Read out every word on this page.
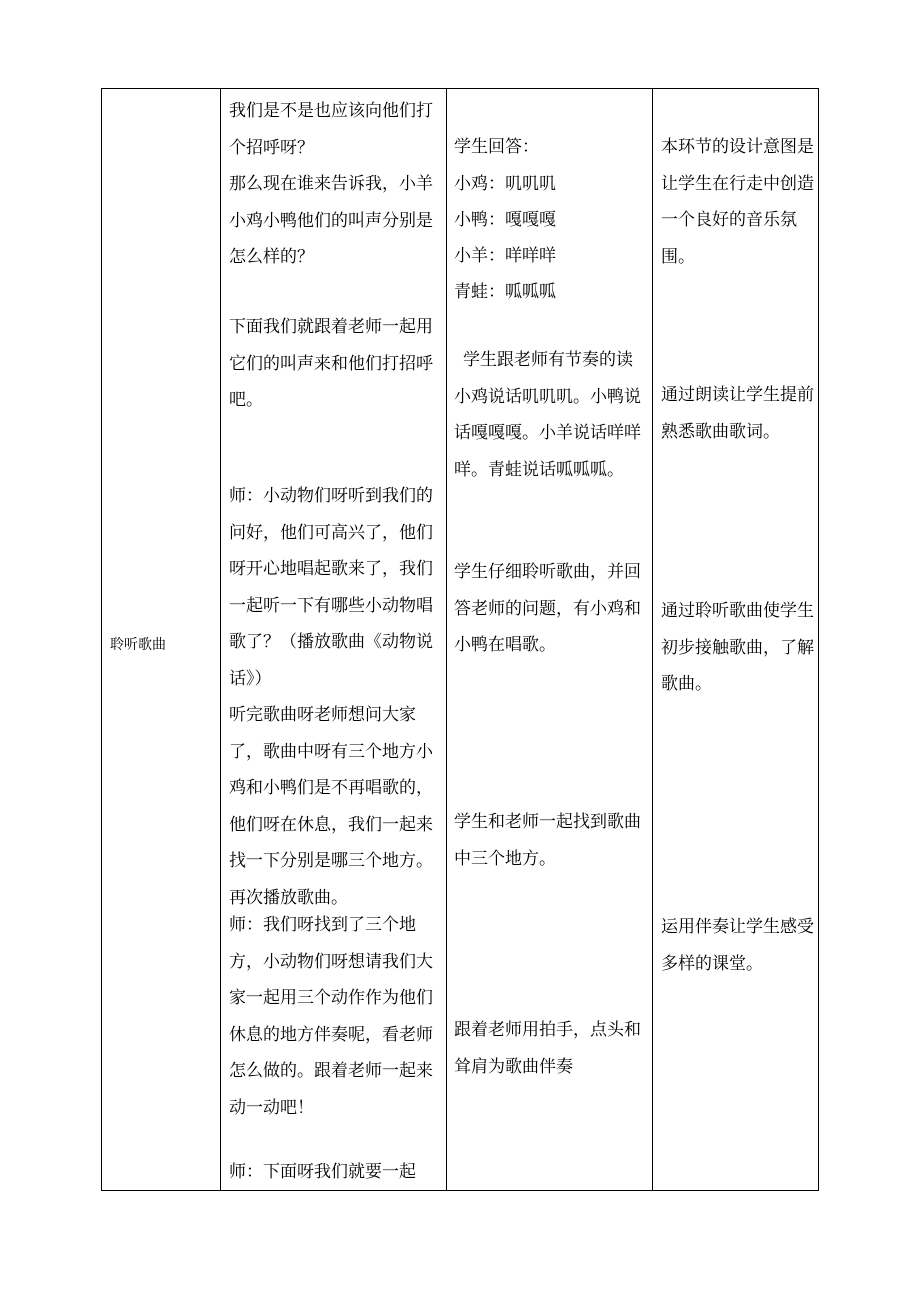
聆听歌曲
我们是不是也应该向他们打个招呼呀？
那么现在谁来告诉我，小羊小鸡小鸭他们的叫声分别是怎么样的？
下面我们就跟着老师一起用它们的叫声来和他们打招呼吧。
师：小动物们呀听到我们的问好，他们可高兴了，他们呀开心地唱起歌来了，我们一起听一下有哪些小动物唱歌了？（播放歌曲《动物说话》）
听完歌曲呀老师想问大家了，歌曲中呀有三个地方小鸡和小鸭们是不再唱歌的，他们呀在休息，我们一起来找一下分别是哪三个地方。再次播放歌曲。
师：我们呀找到了三个地方，小动物们呀想请我们大家一起用三个动作作为他们休息的地方伴奏呢，看老师怎么做的。跟着老师一起来动一动吧！
师：下面呀我们就要一起
学生回答：
小鸡：叽叽叽
小鸭：嘎嘎嘎
小羊：咩咩咩
青蛙：呱呱呱
学生跟老师有节奏的读小鸡说话叽叽叽。小鸭说话嘎嘎嘎。小羊说话咩咩咩。青蛙说话呱呱呱。
学生仔细聆听歌曲，并回答老师的问题，有小鸡和小鸭在唱歌。
学生和老师一起找到歌曲中三个地方。
跟着老师用拍手，点头和耸肩为歌曲伴奏
本环节的设计意图是让学生在行走中创造一个良好的音乐氛围。
通过朗读让学生提前熟悉歌曲歌词。
通过聆听歌曲使学生初步接触歌曲，了解歌曲。
运用伴奏让学生感受多样的课堂。
